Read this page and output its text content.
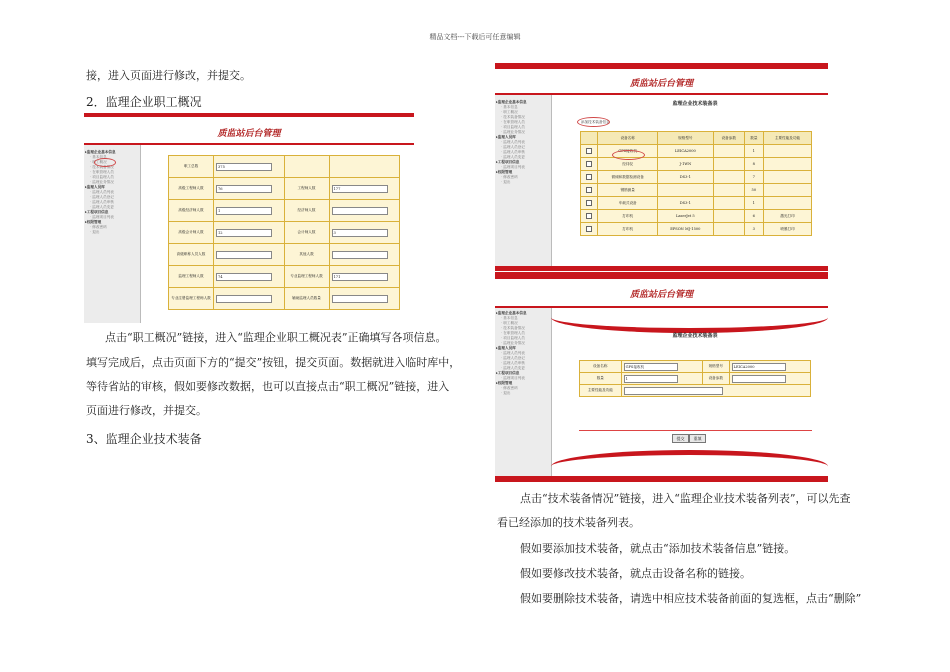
精品文档---下载后可任意编辑

接，进入页面进行修改，并提交。

2．监理企业职工概况
质监站后台管理
▸监理企业基本信息
· 基本信息
· 职工概况
· 技术装备情况
· 在职管理人员
· 项目监理人员
· 监理业务情况
▸监理人员库
· 监理人员列表
· 监理人员登记
· 监理人员审核
· 监理人员变更
▸工程项目信息
· 监理项目列表
▸权限管理
· 修改密码
· 退出
职工总数	375		
高级工程师人数	76	工程师人数	177
高级经济师人数	1	经济师人数	
高级会计师人数	12	会计师人数	3
高级职称人员人数		其他人数	
监理工程师人数	74	专业监理工程师人数	171
专业注册监理工程师人数		辅助监理人员数量	

点击“职工概况”链接，进入“监理企业职工概况表”正确填写各项信息。

填写完成后，点击页面下方的“提交”按钮，提交页面。数据就进入临时库中，

等待省站的审核，假如要修改数据，也可以直接点击“职工概况”链接，进入

页面进行修改，并提交。

3、监理企业技术装备
质监站后台管理
▸监理企业基本信息
· 基本信息
· 职工概况
· 技术装备情况
· 在职管理人员
· 项目监理人员
· 监理业务情况
▸监理人员库
· 监理人员列表
· 监理人员登记
· 监理人员审核
· 监理人员变更
▸工程项目信息
· 监理项目列表
▸权限管理
· 修改密码
· 退出
监理企业技术装备表
添加技术装备信息
	设备名称	规格型号	设备参数	数量	主要性能及功能
	GPS接收机	LEICA2000		1	
	经纬仪	J-1WN		8	
	微倾和数据检测设备	DS3-1		7	
	钢筋测量			50	
	车载式设备	DS3-1		1	
	打印机	LaserJet 5		6	激光打印
	打印机	EPSON MJ-1500		3	喷墨打印
质监站后台管理
▸监理企业基本信息
· 基本信息
· 职工概况
· 技术装备情况
· 在职管理人员
· 项目监理人员
· 监理业务情况
▸监理人员库
· 监理人员列表
· 监理人员登记
· 监理人员审核
· 监理人员变更
▸工程项目信息
· 监理项目列表
▸权限管理
· 修改密码
· 退出
监理企业技术装备表
设备名称	GPS接收机	规格型号	LEICA2000
数量	1	设备参数	
主要性能及功能			
提交	重填

点击“技术装备情况”链接，进入“监理企业技术装备列表”，可以先查

看已经添加的技术装备列表。

假如要添加技术装备，就点击“添加技术装备信息”链接。

假如要修改技术装备，就点击设备名称的链接。

假如要删除技术装备，请选中相应技术装备前面的复选框，点击“删除”
